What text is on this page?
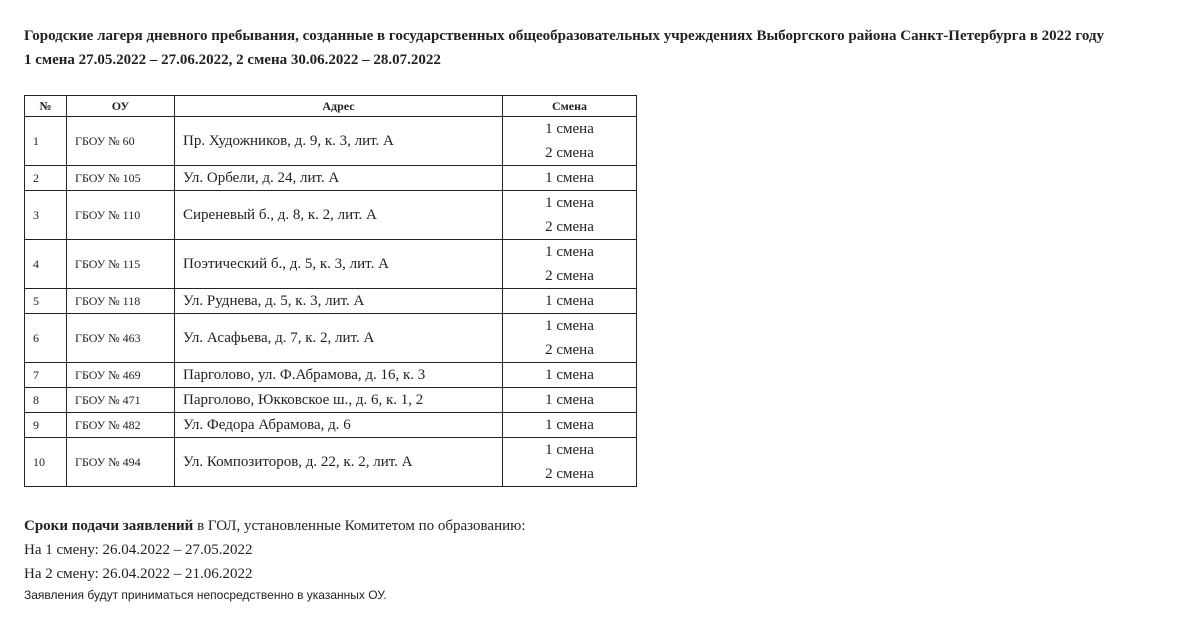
Городские лагеря дневного пребывания, созданные в государственных общеобразовательных учреждениях Выборгского района Санкт-Петербурга в 2022 году
1 смена 27.05.2022 – 27.06.2022, 2 смена 30.06.2022 – 28.07.2022
№	ОУ	Адрес	Смена
1	ГБОУ № 60	Пр. Художников, д. 9, к. 3, лит. А	1 смена
2 смена

2	ГБОУ № 105	Ул. Орбели, д. 24, лит. А	1 смена

3	ГБОУ № 110	Сиреневый б., д. 8, к. 2, лит. А	1 смена
2 смена

4	ГБОУ № 115	Поэтический б., д. 5, к. 3, лит. А	1 смена
2 смена

5	ГБОУ № 118	Ул. Руднева, д. 5, к. 3, лит. А	1 смена

6	ГБОУ № 463	Ул. Асафьева, д. 7, к. 2, лит. А	1 смена
2 смена

7	ГБОУ № 469	Парголово, ул. Ф.Абрамова, д. 16, к. 3	1 смена

8	ГБОУ № 471	Парголово, Юкковское ш., д. 6, к. 1, 2	1 смена

9	ГБОУ № 482	Ул. Федора Абрамова, д. 6	1 смена

10	ГБОУ № 494	Ул. Композиторов, д. 22, к. 2, лит. А	1 смена
2 смена
Сроки подачи заявлений в ГОЛ, установленные Комитетом по образованию:
На 1 смену: 26.04.2022 – 27.05.2022
На 2 смену: 26.04.2022 – 21.06.2022
Заявления будут приниматься непосредственно в указанных ОУ.
